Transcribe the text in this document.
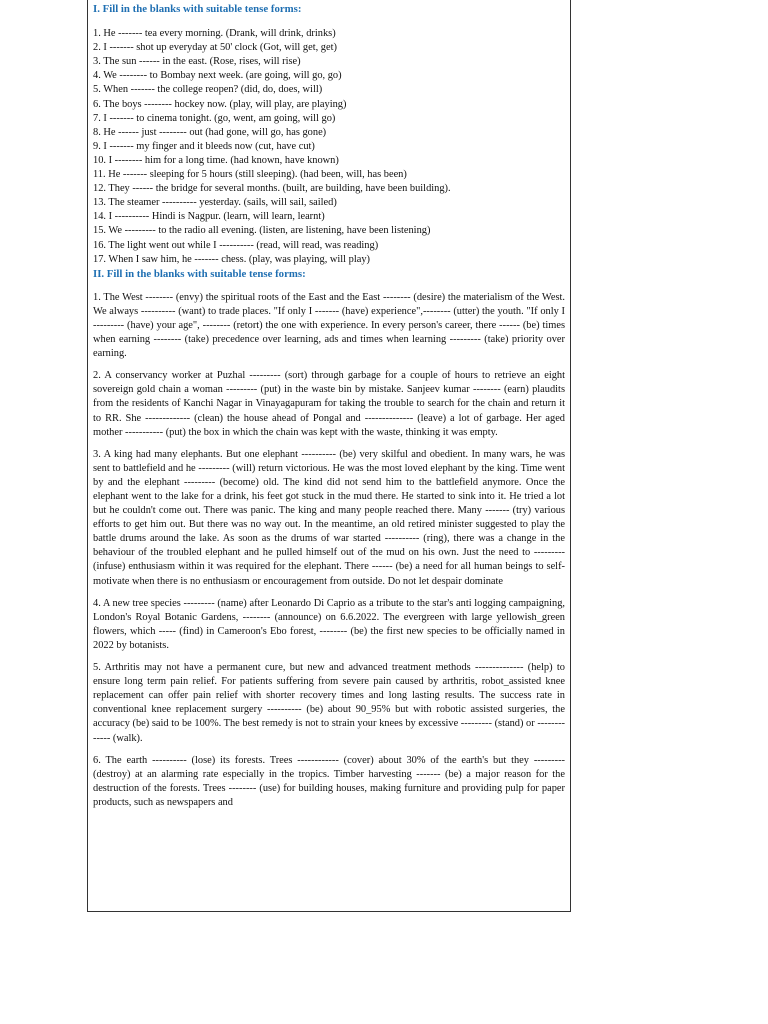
I. Fill in the blanks with suitable tense forms:

1. He ------- tea every morning. (Drank, will drink, drinks)

2. I ------- shot up everyday at 50' clock (Got, will get, get)

3. The sun ------ in the east. (Rose, rises, will rise)

4. We -------- to Bombay next week. (are going, will go, go)

5. When ------- the college reopen? (did, do, does, will)

6. The boys -------- hockey now. (play, will play, are playing)

7. I ------- to cinema tonight. (go, went, am going, will go)

8. He ------ just -------- out (had gone, will go, has gone)

9. I ------- my finger and it bleeds now (cut, have cut)

10. I -------- him for a long time. (had known, have known)

11. He ------- sleeping for 5 hours (still sleeping). (had been, will, has been)

12. They ------ the bridge for several months. (built, are building, have been building).

13. The steamer ---------- yesterday. (sails, will sail, sailed)

14. I ---------- Hindi is Nagpur. (learn, will learn, learnt)

15. We --------- to the radio all evening. (listen, are listening, have been listening)

16. The light went out while I ---------- (read, will read, was reading)

17. When I saw him, he ------- chess. (play, was playing, will play)

II. Fill in the blanks with suitable tense forms:

1. The West -------- (envy) the spiritual roots of the East and the East -------- (desire) the materialism of the West. We always ---------- (want) to trade places. "If only I ------- (have) experience",-------- (utter) the youth. "If only I --------- (have) your age", -------- (retort) the one with experience. In every person's career, there ------ (be) times when earning -------- (take) precedence over learning, ads and times when learning --------- (take) priority over earning.

2. A conservancy worker at Puzhal --------- (sort) through garbage for a couple of hours to retrieve an eight sovereign gold chain a woman --------- (put) in the waste bin by mistake. Sanjeev kumar -------- (earn) plaudits from the residents of Kanchi Nagar in Vinayagapuram for taking the trouble to search for the chain and return it to RR. She ------------- (clean) the house ahead of Pongal and -------------- (leave) a lot of garbage. Her aged mother ----------- (put) the box in which the chain was kept with the waste, thinking it was empty.

3. A king had many elephants. But one elephant ---------- (be) very skilful and obedient. In many wars, he was sent to battlefield and he --------- (will) return victorious. He was the most loved elephant by the king. Time went by and the elephant --------- (become) old. The kind did not send him to the battlefield anymore. Once the elephant went to the lake for a drink, his feet got stuck in the mud there. He started to sink into it. He tried a lot but he couldn't come out. There was panic. The king and many people reached there. Many ------- (try) various efforts to get him out. But there was no way out. In the meantime, an old retired minister suggested to play the battle drums around the lake. As soon as the drums of war started ---------- (ring), there was a change in the behaviour of the troubled elephant and he pulled himself out of the mud on his own. Just the need to --------- (infuse) enthusiasm within it was required for the elephant. There ------ (be) a need for all human beings to self-motivate when there is no enthusiasm or encouragement from outside. Do not let despair dominate

4. A new tree species --------- (name) after Leonardo Di Caprio as a tribute to the star's anti logging campaigning, London's Royal Botanic Gardens, -------- (announce) on 6.6.2022. The evergreen with large yellowish_green flowers, which ----- (find) in Cameroon's Ebo forest, -------- (be) the first new species to be officially named in 2022 by botanists.

5. Arthritis may not have a permanent cure, but new and advanced treatment methods -------------- (help) to ensure long term pain relief. For patients suffering from severe pain caused by arthritis, robot_assisted knee replacement can offer pain relief with shorter recovery times and long lasting results. The success rate in conventional knee replacement surgery ---------- (be) about 90_95% but with robotic assisted surgeries, the accuracy (be) said to be 100%. The best remedy is not to strain your knees by excessive --------- (stand) or ------------- (walk).

6. The earth ---------- (lose) its forests. Trees ------------ (cover) about 30% of the earth's but they --------- (destroy) at an alarming rate especially in the tropics. Timber harvesting ------- (be) a major reason for the destruction of the forests. Trees -------- (use) for building houses, making furniture and providing pulp for paper products, such as newspapers and
